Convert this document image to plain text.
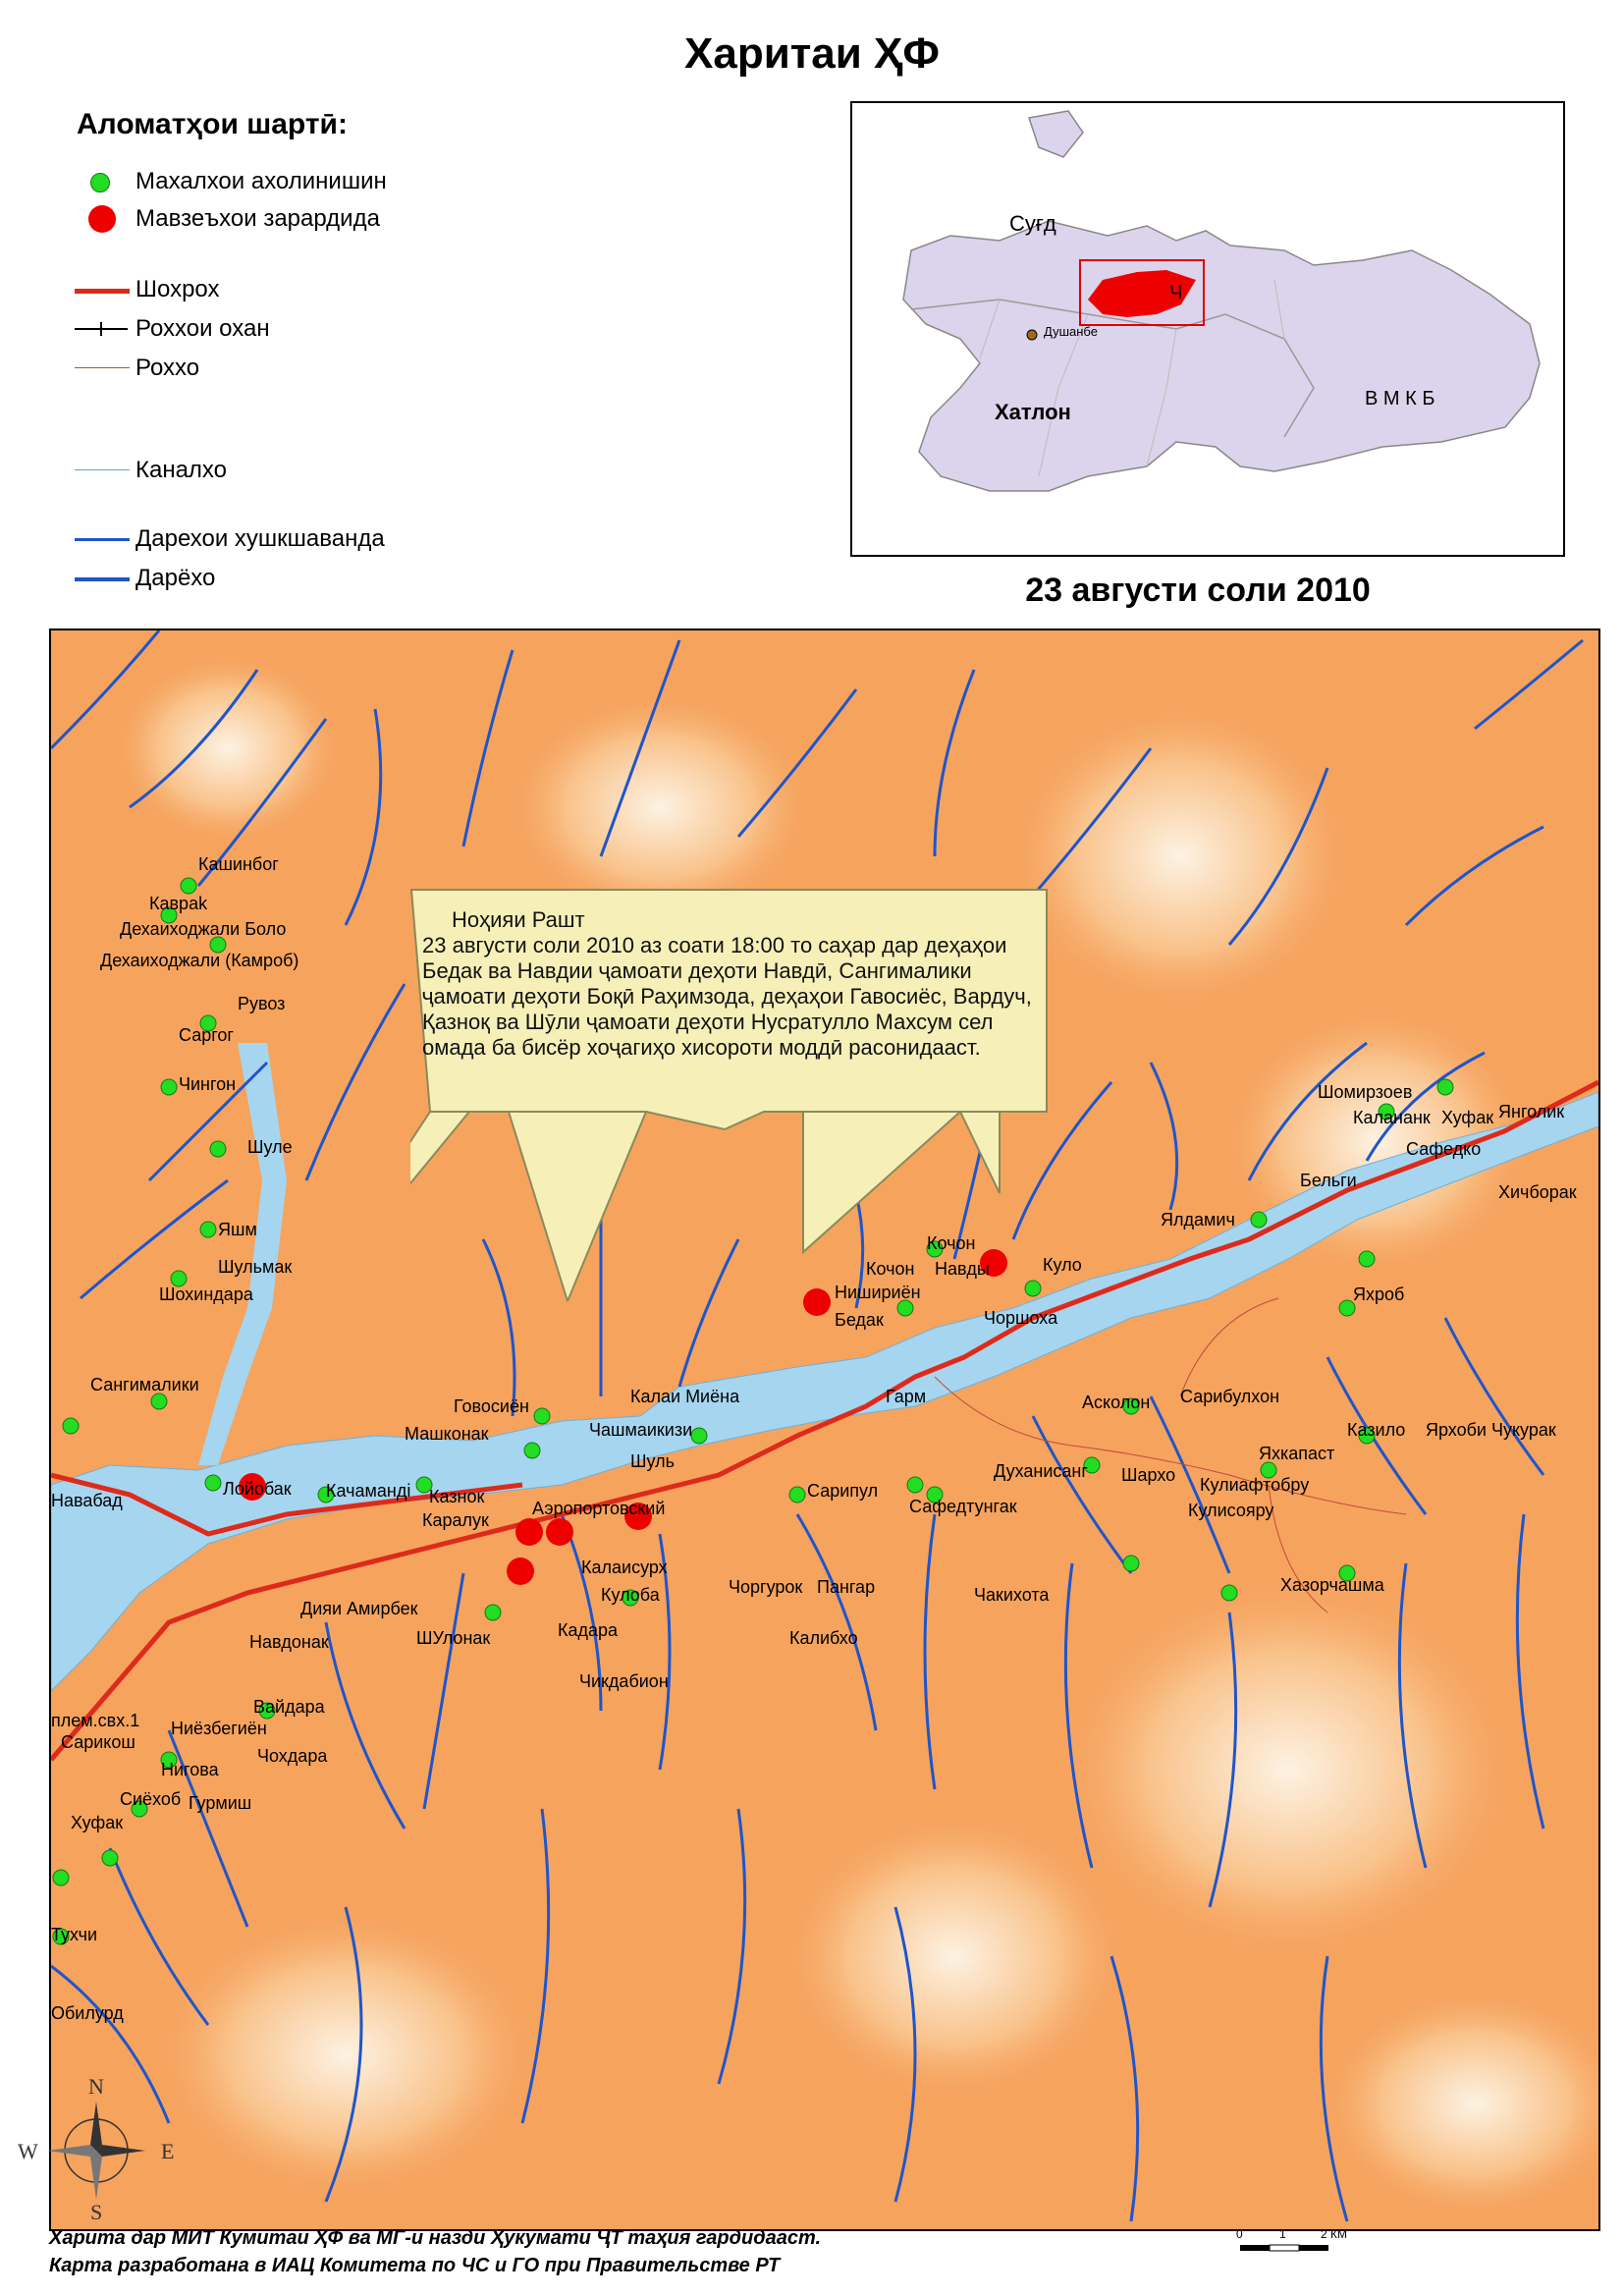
Харитаи ҲФ
Аломатҳои шартӣ:
Махалхои ахолинишин
Мавзеъхои зарардида
Шохрох
Роххои охан
Роххо
Каналхо
Дарехои хушкшаванда
Дарёхо
Суғд
Хатлон
В М К Б
Ч
Душанбе
23 августи соли 2010
Кашинбог
Кавраk
Дехаиходжали Боло
Дехаиходжали (Камроб)
Рувоз
Саргог
Чингон
Шуле
Яшм
Шульмак
Шохиндара
Сангималики
Навабад
Лойобак Качамандi Казнок
Каралук
Аэропортовский
Говосиён
Машконак	Чашмаикизи
Калаи Миёна
Шуль
Калаисурх
Кулоба
Кадара
Чикдабион
Дияи Амирбек
Навдонак	ШУлонак
Вайдара
плем.свх.1
Сарикош
Ниёзбегиён
Нигова
Чохдара
Сиёхоб Гурмиш
Хуфак
Тухчи
Обилурд
Чоргурок Пангар
Калибхо
Сарипул
Сафедтунгак
Гарм
Кочон
Кочон Навды	Куло
Нишириён
Бедак	Чоршоха
Асколон Сарибулхон
Духанисанг Шархо Кулиафтобру
Кулисояру
Чакихота	Хазорчашма
Казило
Яхкапаст
Ярхоби Чукурак
Яхроб
Ялдамич
Бельги
Шомирзоев
Калананк Хуфак
Сафедко
Янголик
Хичборак
Ноҳияи Рашт
23 августи соли 2010 аз соати 18:00 то саҳар дар деҳаҳои Бедак ва Навдии ҷамоати деҳоти Навдӣ, Сангималики ҷамоати деҳоти Боқӣ Раҳимзода, деҳаҳои Гавосиёс, Вардуч, Қазноқ ва Шӯли ҷамоати деҳоти Нусратулло Махсум сел омада ба бисёр хоҷагиҳо хисороти моддӣ расонидааст.
N
S
W	E
0	1	2 КМ
Харита дар МИТ Кумитаи ҲФ ва МГ-и назди Ҳукумати ҶТ таҳия гардидааст.
Карта разработана в ИАЦ Комитета по ЧС и ГО при Правительстве РТ
